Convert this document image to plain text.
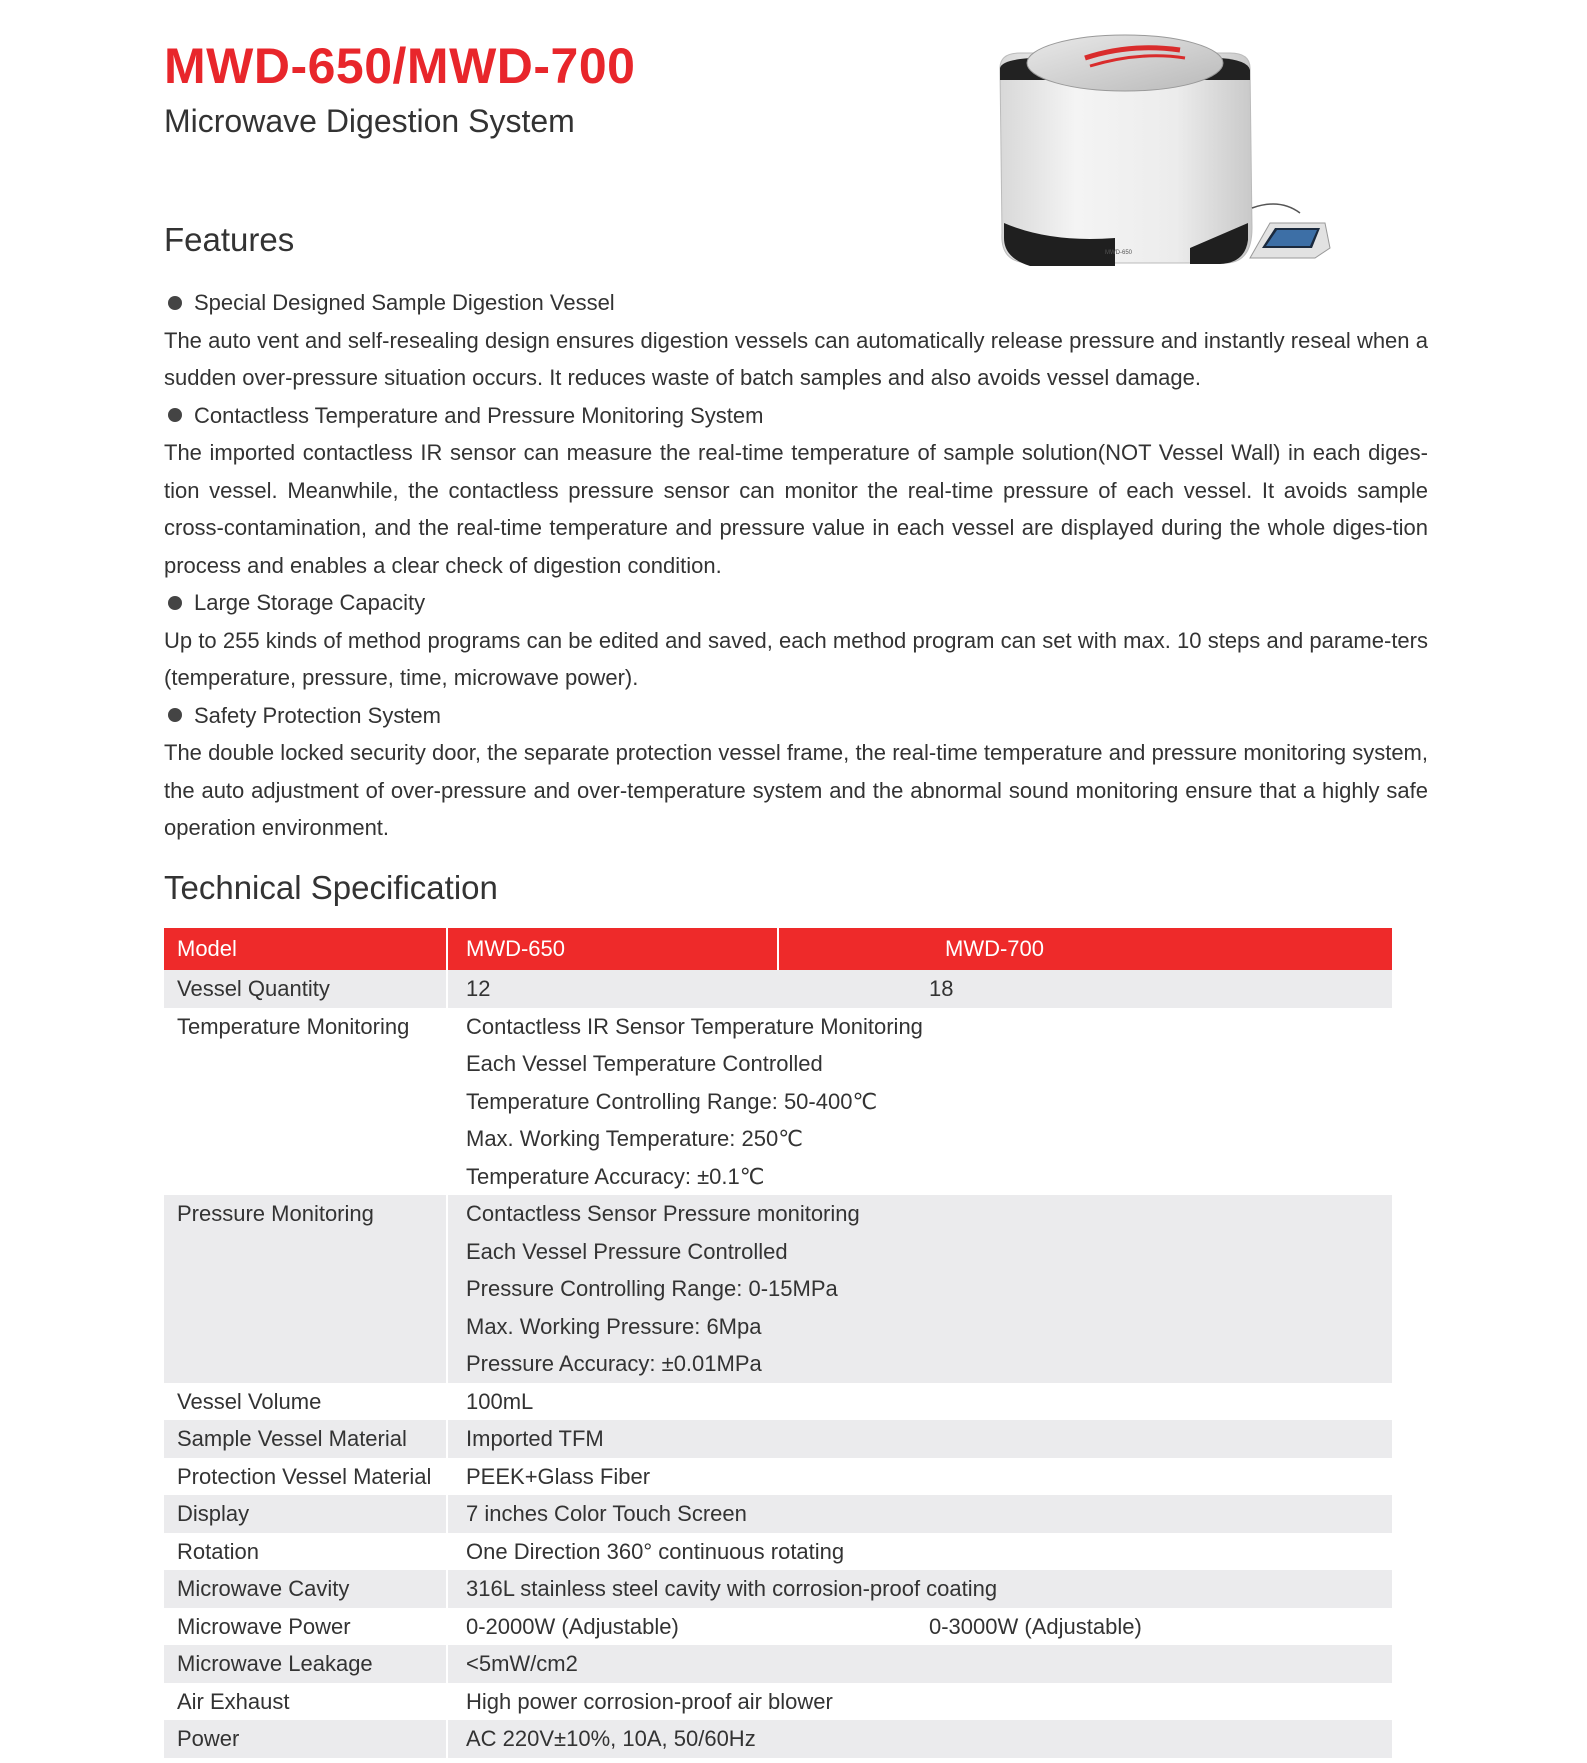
MWD-650/MWD-700
Microwave Digestion System
MWD-650
Features
Special Designed Sample Digestion Vessel
The auto vent and self-resealing design ensures digestion vessels can automatically release pressure and instantly reseal when a sudden over-pressure situation occurs. It reduces waste of batch samples and also avoids vessel damage.
Contactless Temperature and Pressure Monitoring System
The imported contactless IR sensor can measure the real-time temperature of sample solution(NOT Vessel Wall) in each diges-tion vessel. Meanwhile, the contactless pressure sensor can monitor the real-time pressure of each vessel. It avoids sample cross-contamination, and the real-time temperature and pressure value in each vessel are displayed during the whole diges-tion process and enables a clear check of digestion condition.
Large Storage Capacity
Up to 255 kinds of method programs can be edited and saved, each method program can set with max. 10 steps and parame-ters (temperature, pressure, time, microwave power).
Safety Protection System
The double locked security door, the separate protection vessel frame, the real-time temperature and pressure monitoring system, the auto adjustment of over-pressure and over-temperature system and the abnormal sound monitoring ensure that a highly safe operation environment.
Technical Specification
Model	MWD-650	MWD-700
Vessel Quantity	12	18
Temperature Monitoring	Contactless IR Sensor Temperature Monitoring
Each Vessel Temperature Controlled
Temperature Controlling Range: 50-400℃
Max. Working Temperature: 250℃
Temperature Accuracy: ±0.1℃
Pressure Monitoring	Contactless Sensor Pressure monitoring
Each Vessel Pressure Controlled
Pressure Controlling Range: 0-15MPa
Max. Working Pressure: 6Mpa
Pressure Accuracy: ±0.01MPa
Vessel Volume	100mL
Sample Vessel Material	Imported TFM
Protection Vessel Material	PEEK+Glass Fiber
Display	7 inches Color Touch Screen
Rotation	One Direction 360° continuous rotating
Microwave Cavity	316L stainless steel cavity with corrosion-proof coating
Microwave Power	0-2000W (Adjustable)	0-3000W (Adjustable)
Microwave Leakage	<5mW/cm2
Air Exhaust	High power corrosion-proof air blower
Power	AC 220V±10%, 10A, 50/60Hz
